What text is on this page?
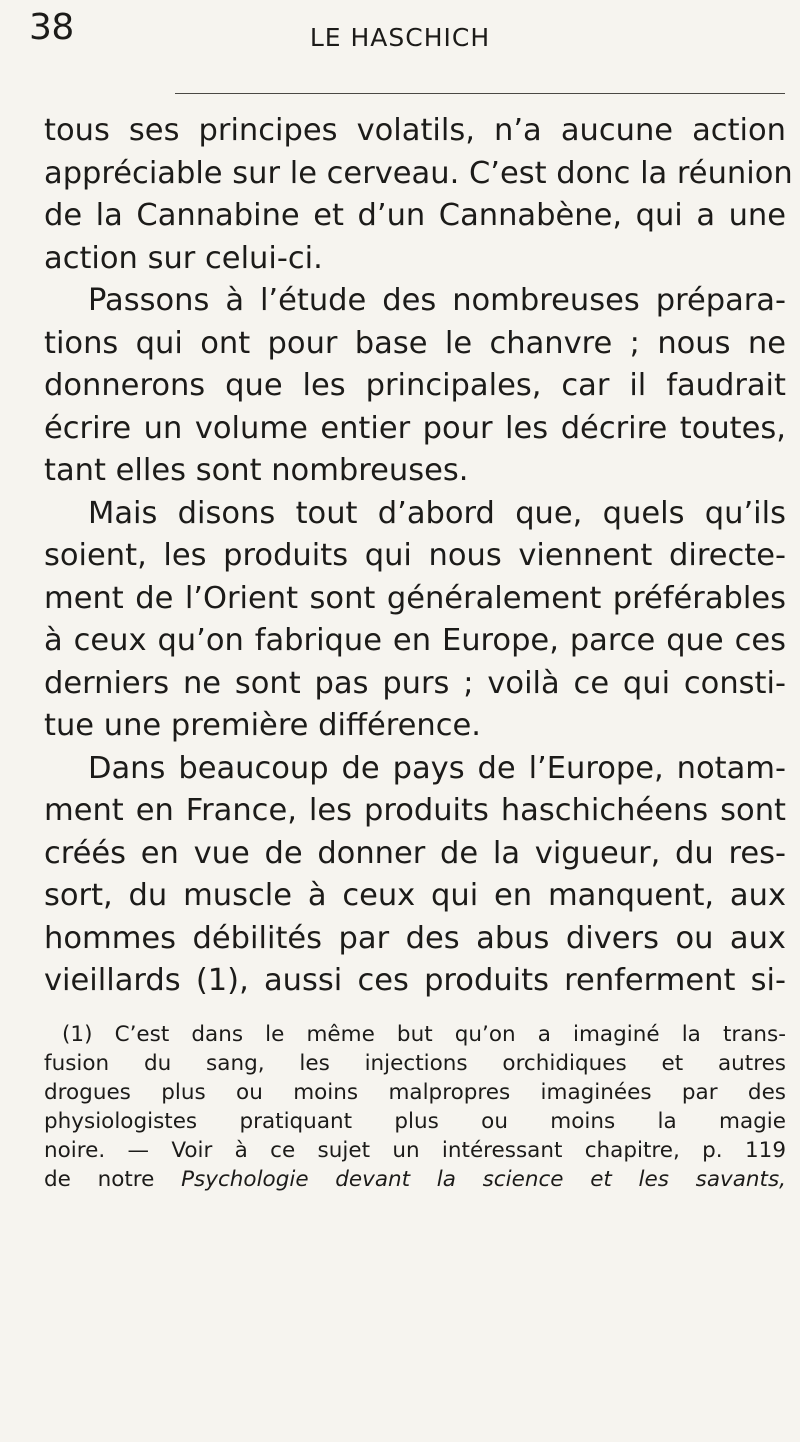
38	LE HASCHICH
tous ses principes volatils, n’a aucune action
appréciable sur le cerveau. C’est donc la réunion
de la Cannabine et d’un Cannabène, qui a une
action sur celui-ci.
Passons à l’étude des nombreuses prépara-
tions qui ont pour base le chanvre ; nous ne
donnerons que les principales, car il faudrait
écrire un volume entier pour les décrire toutes,
tant elles sont nombreuses.
Mais disons tout d’abord que, quels qu’ils
soient, les produits qui nous viennent directe-
ment de l’Orient sont généralement préférables
à ceux qu’on fabrique en Europe, parce que ces
derniers ne sont pas purs ; voilà ce qui consti-
tue une première différence.
Dans beaucoup de pays de l’Europe, notam-
ment en France, les produits haschichéens sont
créés en vue de donner de la vigueur, du res-
sort, du muscle à ceux qui en manquent, aux
hommes débilités par des abus divers ou aux
vieillards (1), aussi ces produits renferment si-
(1) C’est dans le même but qu’on a imaginé la trans-
fusion du sang, les injections orchidiques et autres
drogues plus ou moins malpropres imaginées par des
physiologistes pratiquant plus ou moins la magie
noire. — Voir à ce sujet un intéressant chapitre, p. 119
de notre Psychologie devant la science et les savants,
